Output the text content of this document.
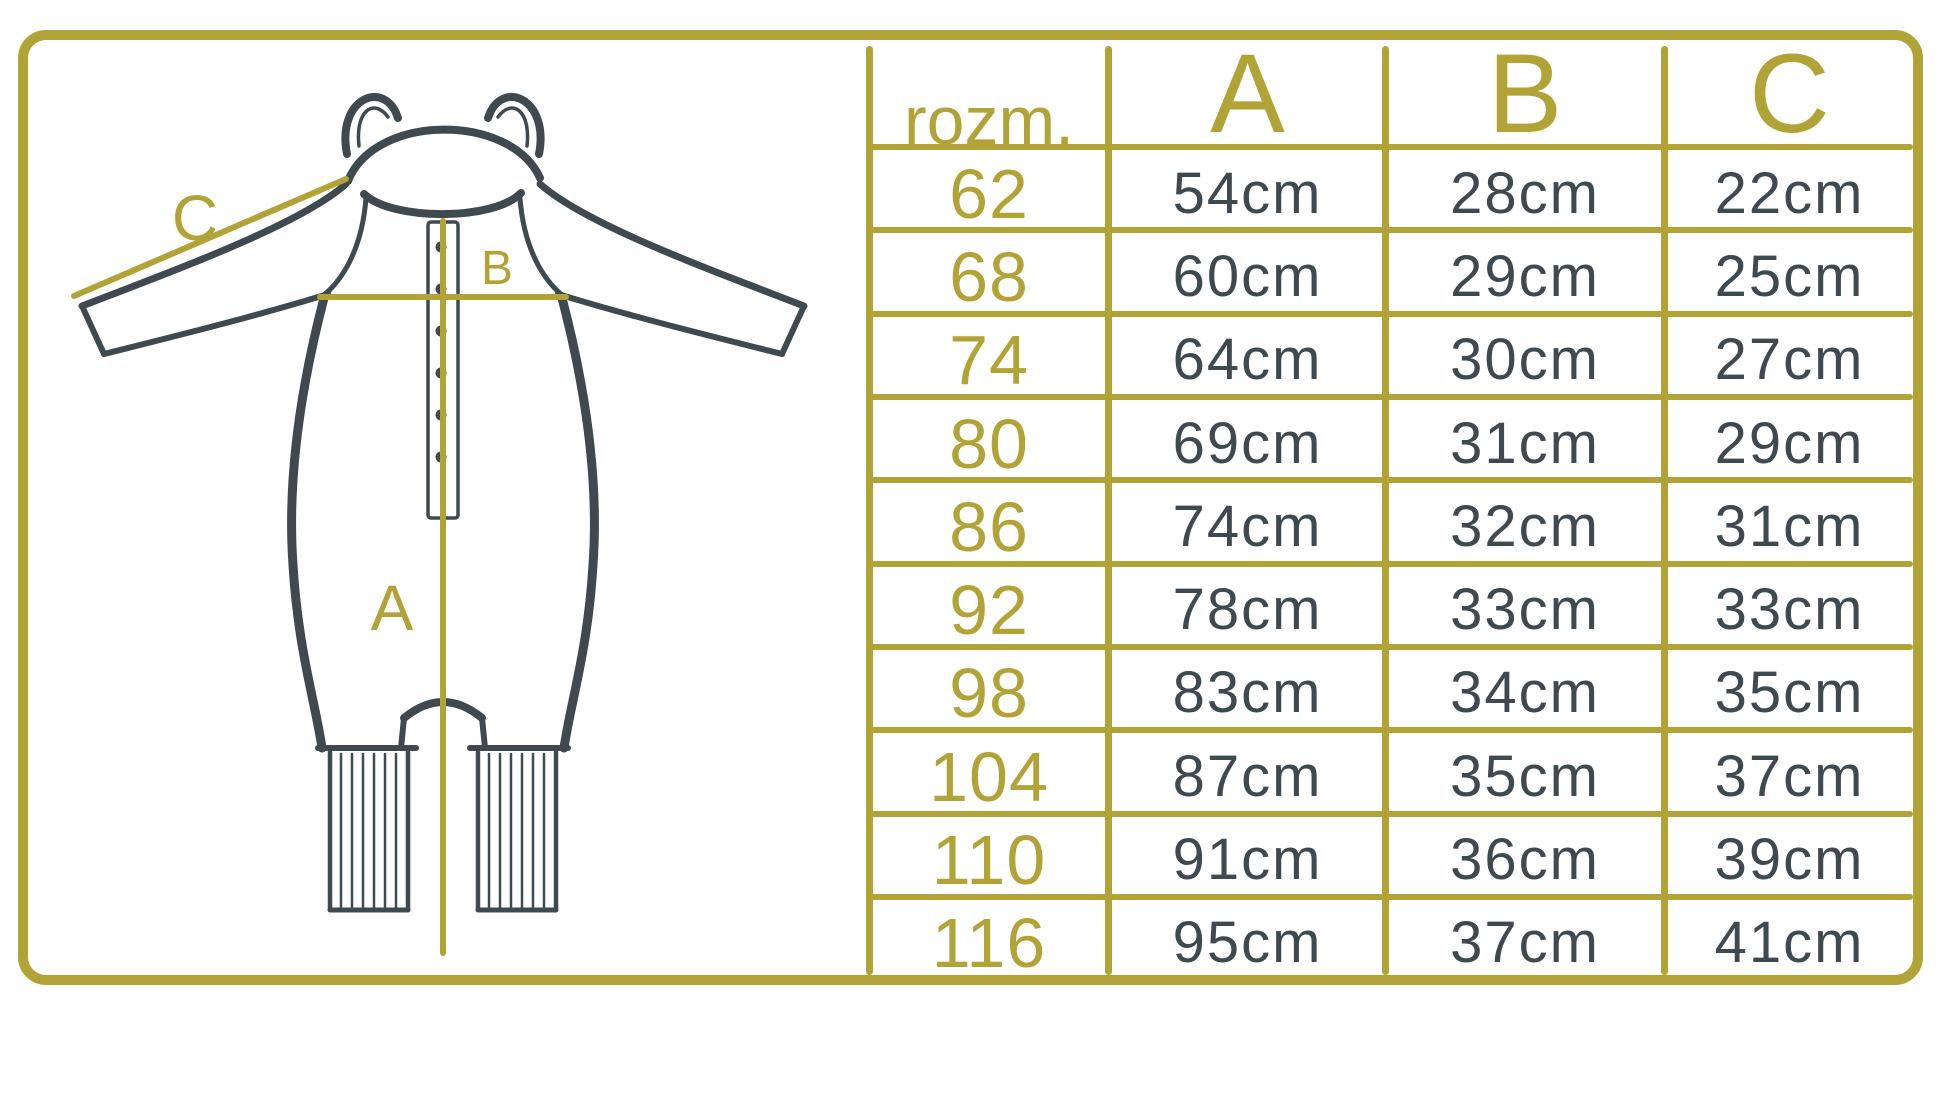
A
B
C
rozm.	A	B	C
62	54cm	28cm	22cm
68	60cm	29cm	25cm
74	64cm	30cm	27cm
80	69cm	31cm	29cm
86	74cm	32cm	31cm
92	78cm	33cm	33cm
98	83cm	34cm	35cm
104	87cm	35cm	37cm
110	91cm	36cm	39cm
116	95cm	37cm	41cm
